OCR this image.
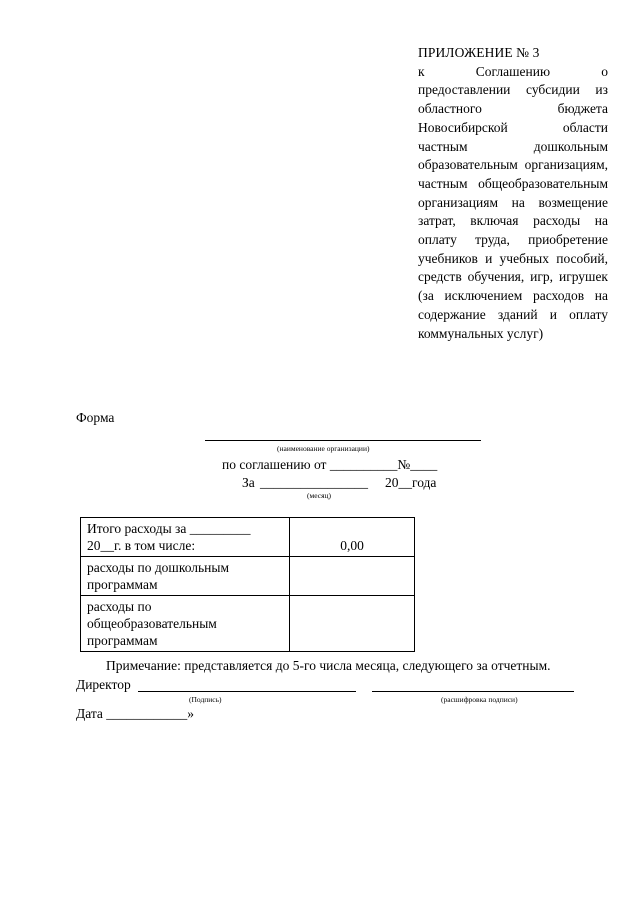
ПРИЛОЖЕНИЕ № 3
к Соглашению о предоставлении субсидии из областного бюджета Новосибирской области частным дошкольным образовательным организациям, частным общеобразовательным организациям на возмещение затрат, включая расходы на оплату труда, приобретение учебников и учебных пособий, средств обучения, игр, игрушек (за исключением расходов на содержание зданий и оплату коммунальных услуг)
Форма
(наименование организации)
по соглашению от __________№____
За ________________ 20__года
(месяц)
Итого расходы за _________
20__г. в том числе:	0,00
расходы по дошкольным программам	
расходы по общеобразовательным программам	
Примечание: представляется до 5-го числа месяца, следующего за отчетным.
Директор
(Подпись)	(расшифровка подписи)
Дата ____________»
